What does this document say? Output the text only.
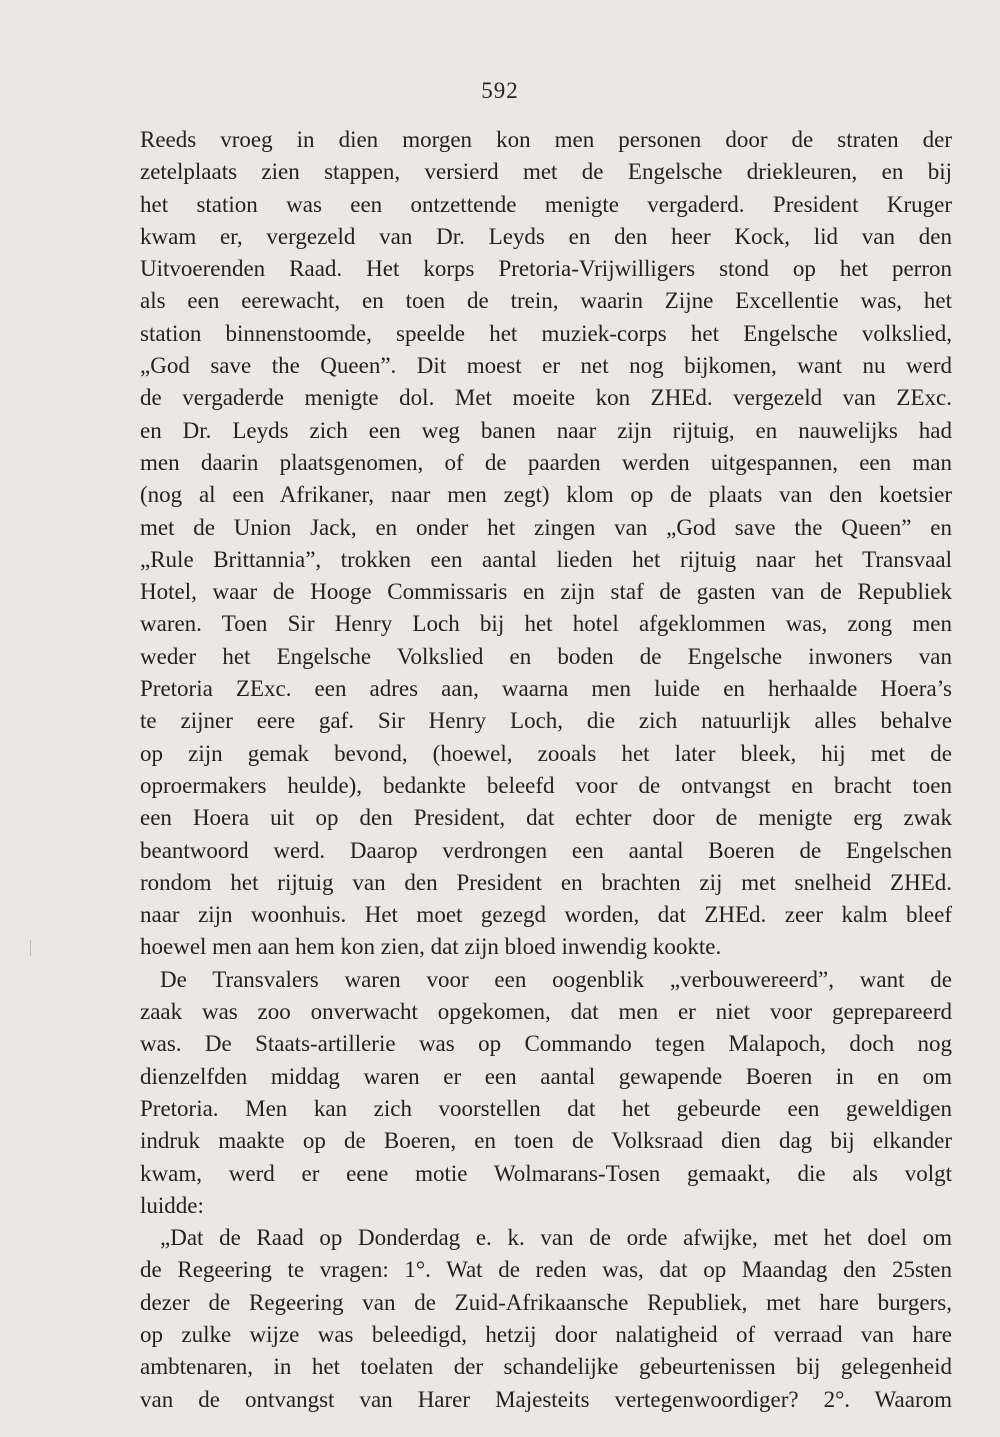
592
Reeds vroeg in dien morgen kon men personen door de straten der
zetelplaats zien stappen, versierd met de Engelsche driekleuren, en bij
het station was een ontzettende menigte vergaderd. President Kruger
kwam er, vergezeld van Dr. Leyds en den heer Kock, lid van den
Uitvoerenden Raad. Het korps Pretoria-Vrijwilligers stond op het perron
als een eerewacht, en toen de trein, waarin Zijne Excellentie was, het
station binnenstoomde, speelde het muziek-corps het Engelsche volkslied,
„God save the Queen”. Dit moest er net nog bijkomen, want nu werd
de vergaderde menigte dol. Met moeite kon ZHEd. vergezeld van ZExc.
en Dr. Leyds zich een weg banen naar zijn rijtuig, en nauwelijks had
men daarin plaatsgenomen, of de paarden werden uitgespannen, een man
(nog al een Afrikaner, naar men zegt) klom op de plaats van den koetsier
met de Union Jack, en onder het zingen van „God save the Queen” en
„Rule Brittannia”, trokken een aantal lieden het rijtuig naar het Transvaal
Hotel, waar de Hooge Commissaris en zijn staf de gasten van de Republiek
waren. Toen Sir Henry Loch bij het hotel afgeklommen was, zong men
weder het Engelsche Volkslied en boden de Engelsche inwoners van
Pretoria ZExc. een adres aan, waarna men luide en herhaalde Hoera’s
te zijner eere gaf. Sir Henry Loch, die zich natuurlijk alles behalve
op zijn gemak bevond, (hoewel, zooals het later bleek, hij met de
oproermakers heulde), bedankte beleefd voor de ontvangst en bracht toen
een Hoera uit op den President, dat echter door de menigte erg zwak
beantwoord werd. Daarop verdrongen een aantal Boeren de Engelschen
rondom het rijtuig van den President en brachten zij met snelheid ZHEd.
naar zijn woonhuis. Het moet gezegd worden, dat ZHEd. zeer kalm bleef
hoewel men aan hem kon zien, dat zijn bloed inwendig kookte.
De Transvalers waren voor een oogenblik „verbouwereerd”, want de
zaak was zoo onverwacht opgekomen, dat men er niet voor geprepareerd
was. De Staats-artillerie was op Commando tegen Malapoch, doch nog
dienzelfden middag waren er een aantal gewapende Boeren in en om
Pretoria. Men kan zich voorstellen dat het gebeurde een geweldigen
indruk maakte op de Boeren, en toen de Volksraad dien dag bij elkander
kwam, werd er eene motie Wolmarans-Tosen gemaakt, die als volgt
luidde:
„Dat de Raad op Donderdag e. k. van de orde afwijke, met het doel om
de Regeering te vragen: 1°. Wat de reden was, dat op Maandag den 25sten
dezer de Regeering van de Zuid-Afrikaansche Republiek, met hare burgers,
op zulke wijze was beleedigd, hetzij door nalatigheid of verraad van hare
ambtenaren, in het toelaten der schandelijke gebeurtenissen bij gelegenheid
van de ontvangst van Harer Majesteits vertegenwoordiger? 2°. Waarom
